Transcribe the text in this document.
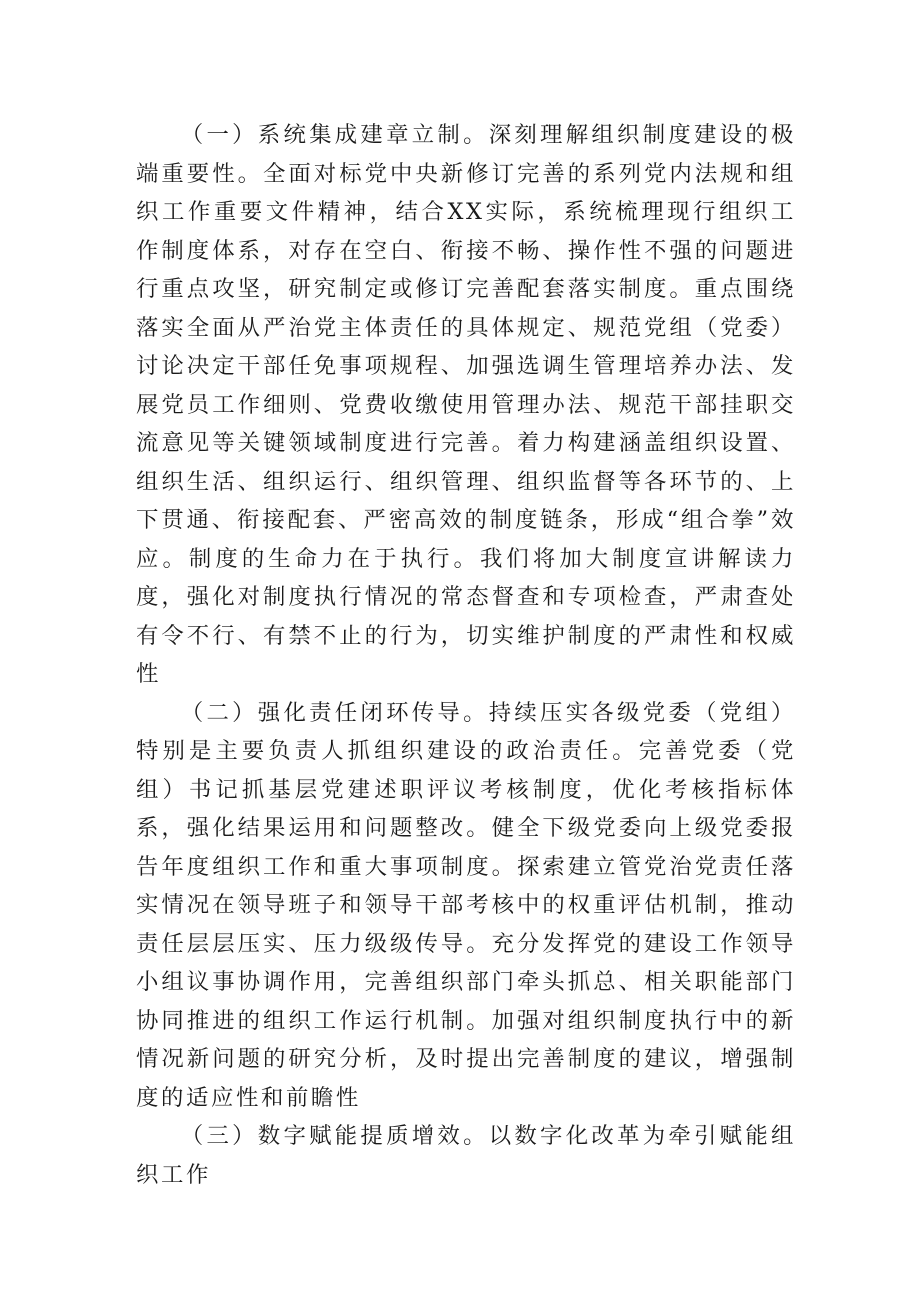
（一）系统集成建章立制。深刻理解组织制度建设的极端重要性。全面对标党中央新修订完善的系列党内法规和组织工作重要文件精神，结合XX实际，系统梳理现行组织工作制度体系，对存在空白、衔接不畅、操作性不强的问题进行重点攻坚，研究制定或修订完善配套落实制度。重点围绕落实全面从严治党主体责任的具体规定、规范党组（党委）讨论决定干部任免事项规程、加强选调生管理培养办法、发展党员工作细则、党费收缴使用管理办法、规范干部挂职交流意见等关键领域制度进行完善。着力构建涵盖组织设置、组织生活、组织运行、组织管理、组织监督等各环节的、上下贯通、衔接配套、严密高效的制度链条，形成“组合拳”效应。制度的生命力在于执行。我们将加大制度宣讲解读力度，强化对制度执行情况的常态督查和专项检查，严肃查处有令不行、有禁不止的行为，切实维护制度的严肃性和权威性

（二）强化责任闭环传导。持续压实各级党委（党组）特别是主要负责人抓组织建设的政治责任。完善党委（党组）书记抓基层党建述职评议考核制度，优化考核指标体系，强化结果运用和问题整改。健全下级党委向上级党委报告年度组织工作和重大事项制度。探索建立管党治党责任落实情况在领导班子和领导干部考核中的权重评估机制，推动责任层层压实、压力级级传导。充分发挥党的建设工作领导小组议事协调作用，完善组织部门牵头抓总、相关职能部门协同推进的组织工作运行机制。加强对组织制度执行中的新情况新问题的研究分析，及时提出完善制度的建议，增强制度的适应性和前瞻性

（三）数字赋能提质增效。以数字化改革为牵引赋能组织工作
